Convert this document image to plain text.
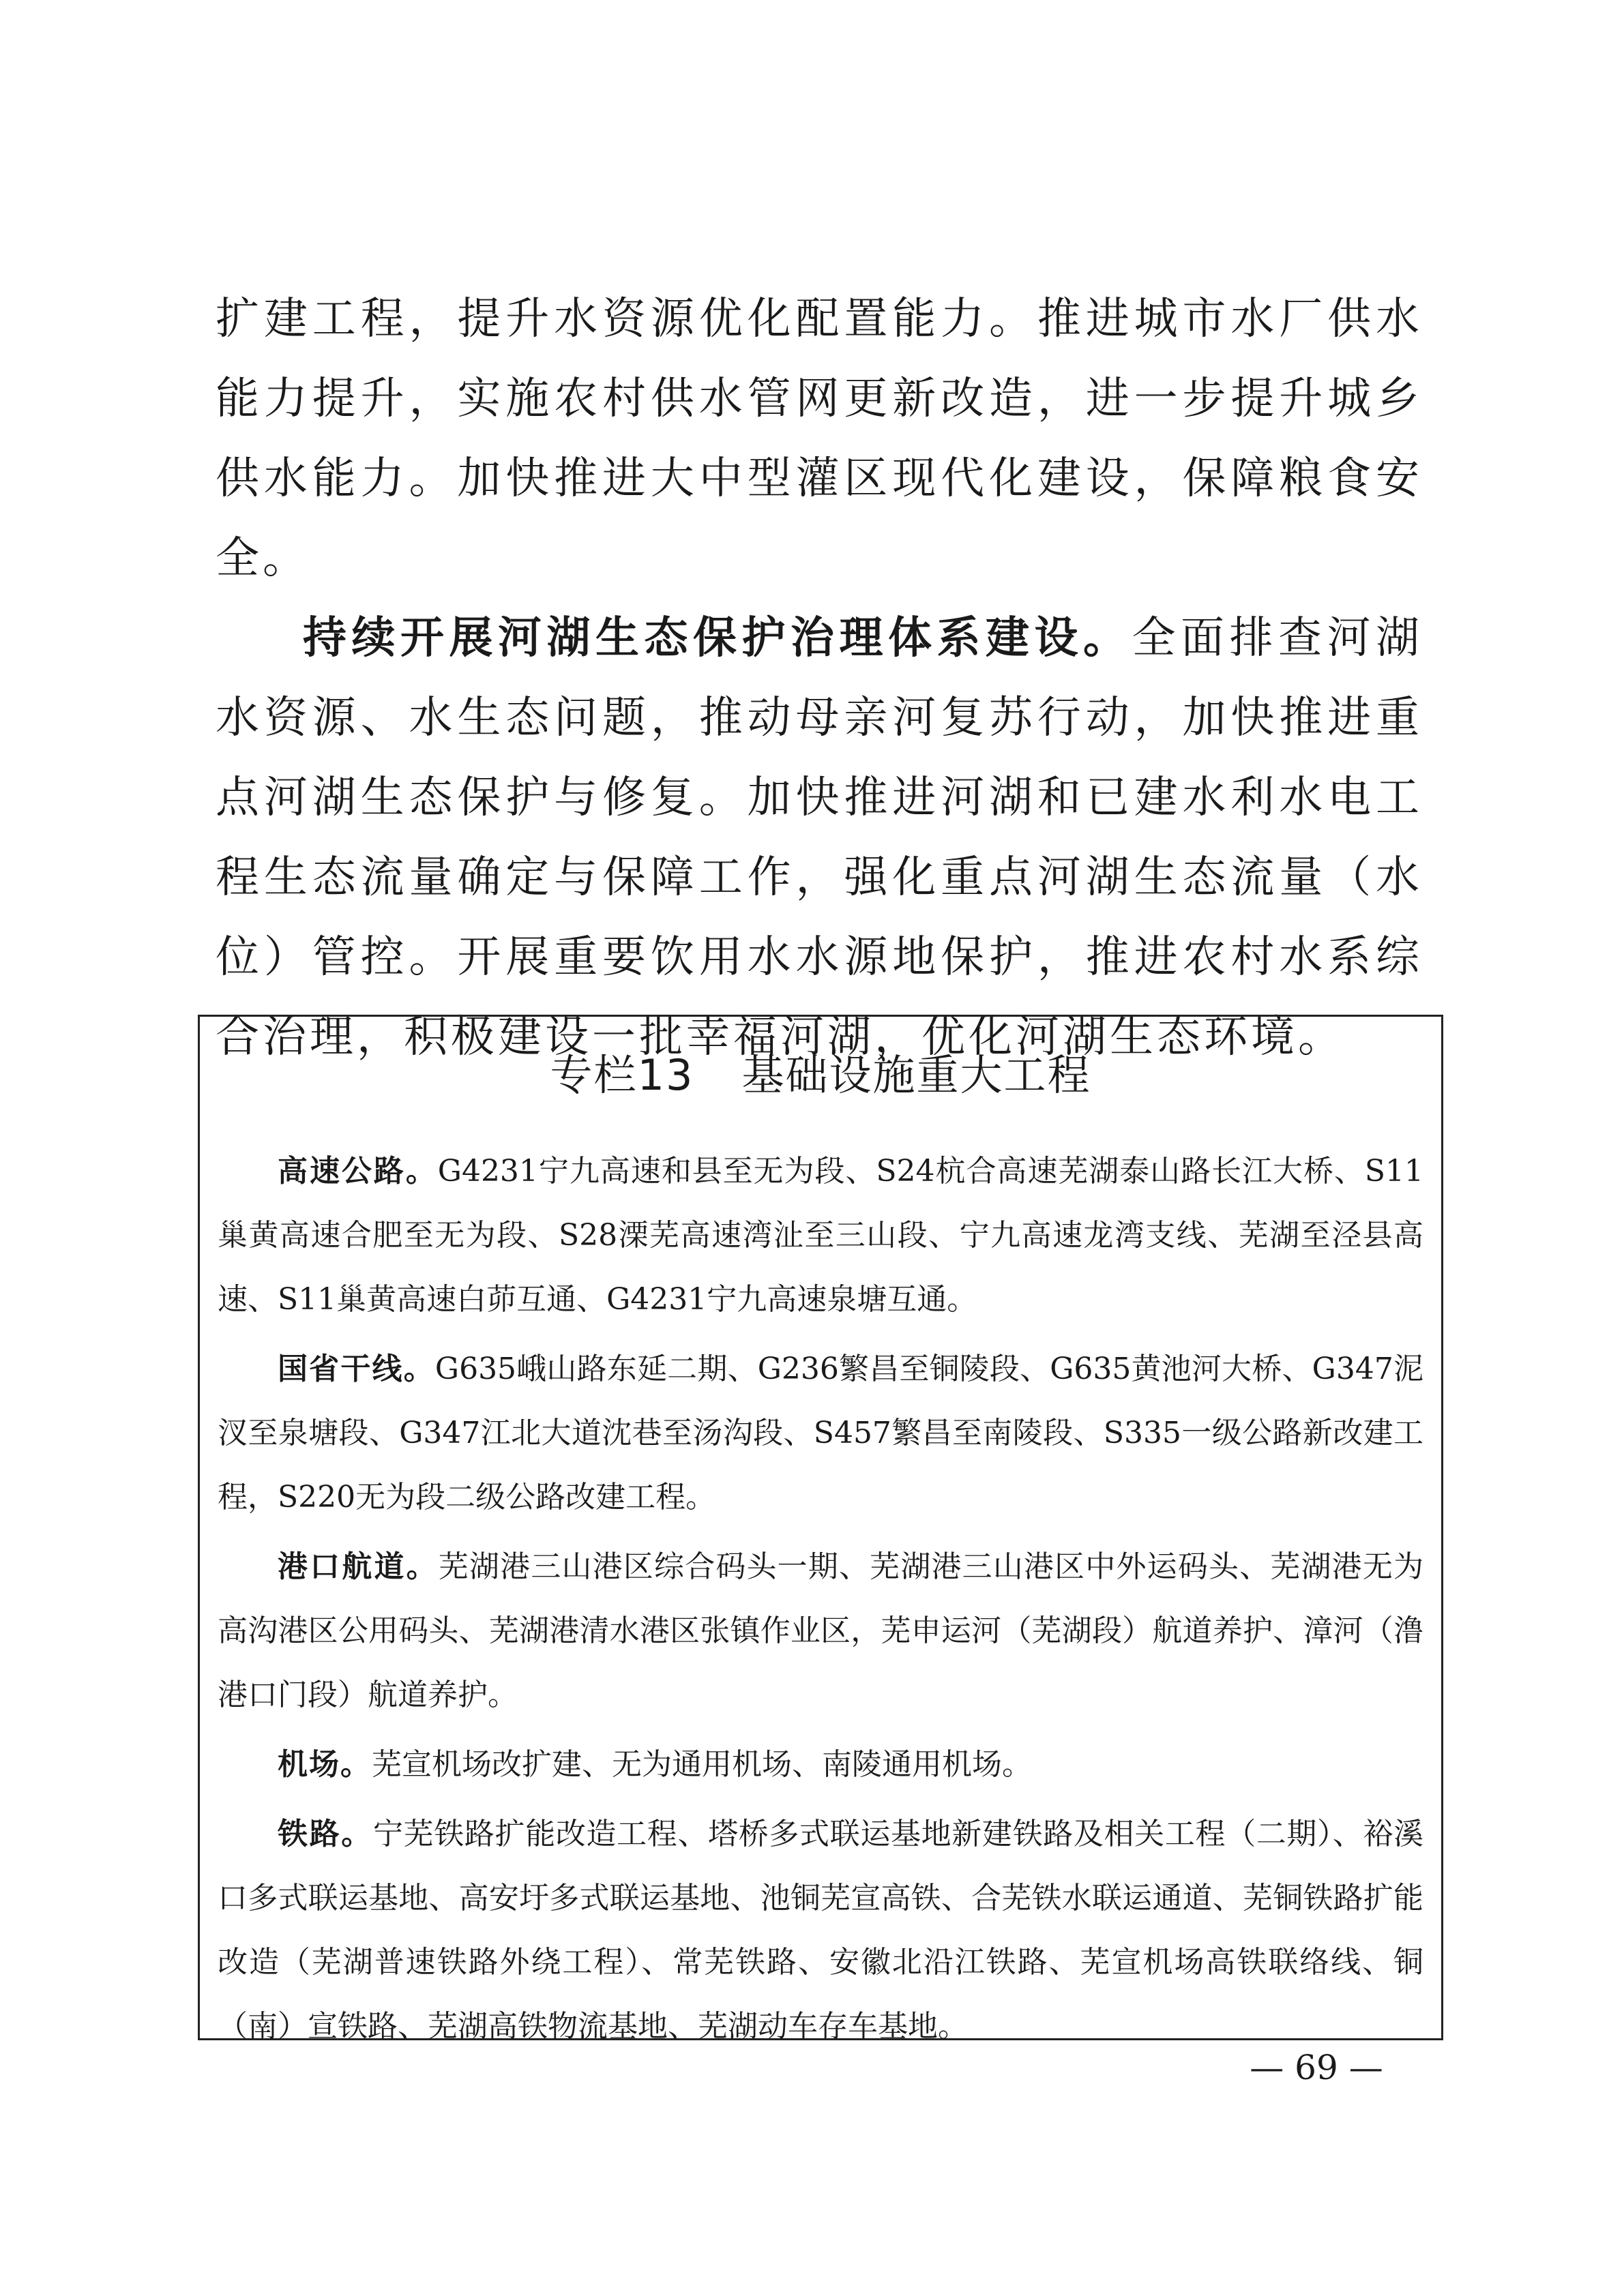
扩建工程，提升水资源优化配置能力。推进城市水厂供水能力提升，实施农村供水管网更新改造，进一步提升城乡供水能力。加快推进大中型灌区现代化建设，保障粮食安全。

持续开展河湖生态保护治理体系建设。全面排查河湖水资源、水生态问题，推动母亲河复苏行动，加快推进重点河湖生态保护与修复。加快推进河湖和已建水利水电工程生态流量确定与保障工作，强化重点河湖生态流量（水位）管控。开展重要饮用水水源地保护，推进农村水系综合治理，积极建设一批幸福河湖，优化河湖生态环境。

专栏13 基础设施重大工程

高速公路。G4231宁九高速和县至无为段、S24杭合高速芜湖泰山路长江大桥、S11巢黄高速合肥至无为段、S28溧芜高速湾沚至三山段、宁九高速龙湾支线、芜湖至泾县高速、S11巢黄高速白茆互通、G4231宁九高速泉塘互通。

国省干线。G635峨山路东延二期、G236繁昌至铜陵段、G635黄池河大桥、G347泥汊至泉塘段、G347江北大道沈巷至汤沟段、S457繁昌至南陵段、S335一级公路新改建工程，S220无为段二级公路改建工程。

港口航道。芜湖港三山港区综合码头一期、芜湖港三山港区中外运码头、芜湖港无为高沟港区公用码头、芜湖港清水港区张镇作业区，芜申运河（芜湖段）航道养护、漳河（澛港口门段）航道养护。

机场。芜宣机场改扩建、无为通用机场、南陵通用机场。

铁路。宁芜铁路扩能改造工程、塔桥多式联运基地新建铁路及相关工程（二期）、裕溪口多式联运基地、高安圩多式联运基地、池铜芜宣高铁、合芜铁水联运通道、芜铜铁路扩能改造（芜湖普速铁路外绕工程）、常芜铁路、安徽北沿江铁路、芜宣机场高铁联络线、铜（南）宣铁路、芜湖高铁物流基地、芜湖动车存车基地。

— 69 —
